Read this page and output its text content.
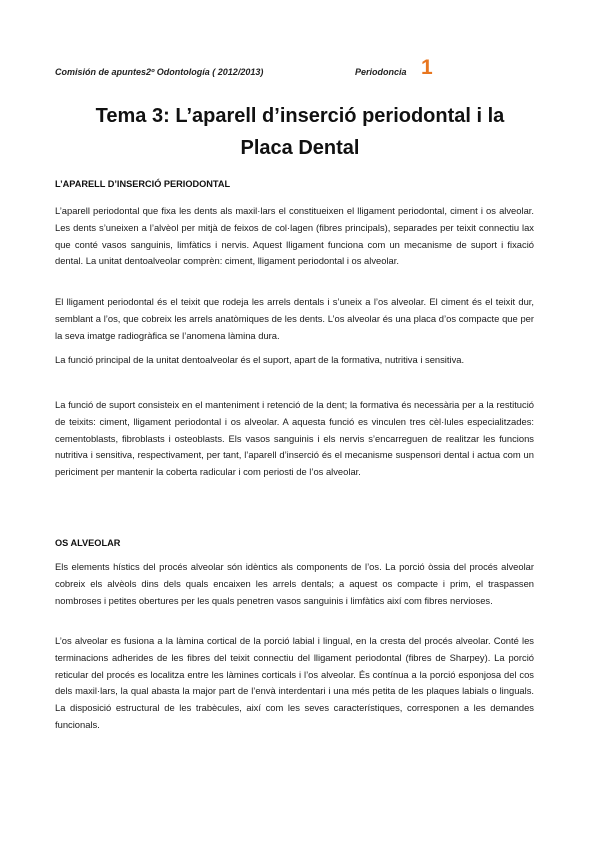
Comisión de apuntes2º Odontología ( 2012/2013)	Periodoncia 1
Tema 3: L’aparell d’inserció periodontal i la
Placa Dental
L’APARELL D’INSERCIÓ PERIODONTAL

L’aparell periodontal que fixa les dents als maxil·lars el constitueixen el lligament periodontal, ciment i os alveolar. Les dents s’uneixen a l’alvèol per mitjà de feixos de col·lagen (fibres principals), separades per teixit connectiu lax que conté vasos sanguinis, limfàtics i nervis. Aquest lligament funciona com un mecanisme de suport i fixació dental. La unitat dentoalveolar comprèn: ciment, lligament periodontal i os alveolar.

El lligament periodontal és el teixit que rodeja les arrels dentals i s’uneix a l’os alveolar. El ciment és el teixit dur, semblant a l’os, que cobreix les arrels anatòmiques de les dents. L’os alveolar és una placa d’os compacte que per la seva imatge radiogràfica se l’anomena làmina dura.

La funció principal de la unitat dentoalveolar és el suport, apart de la formativa, nutritiva i sensitiva.

La funció de suport consisteix en el manteniment i retenció de la dent; la formativa és necessària per a la restitució de teixits: ciment, lligament periodontal i os alveolar. A aquesta funció es vinculen tres cèl·lules especialitzades: cementoblasts, fibroblasts i osteoblasts. Els vasos sanguinis i els nervis s’encarreguen de realitzar les funcions nutritiva i sensitiva, respectivament, per tant, l’aparell d’inserció és el mecanisme suspensori dental i actua com un periciment per mantenir la coberta radicular i com periosti de l’os alveolar.

OS ALVEOLAR

Els elements hístics del procés alveolar són idèntics als components de l’os. La porció òssia del procés alveolar cobreix els alvèols dins dels quals encaixen les arrels dentals; a aquest os compacte i prim, el traspassen nombroses i petites obertures per les quals penetren vasos sanguinis i limfàtics així com fibres nervioses.

L’os alveolar es fusiona a la làmina cortical de la porció labial i lingual, en la cresta del procés alveolar. Conté les terminacions adherides de les fibres del teixit connectiu del lligament periodontal (fibres de Sharpey). La porció reticular del procés es localitza entre les làmines corticals i l’os alveolar. És contínua a la porció esponjosa del cos dels maxil·lars, la qual abasta la major part de l’envà interdentari i una més petita de les plaques labials o linguals. La disposició estructural de les trabècules, així com les seves característiques, corresponen a les demandes funcionals.
